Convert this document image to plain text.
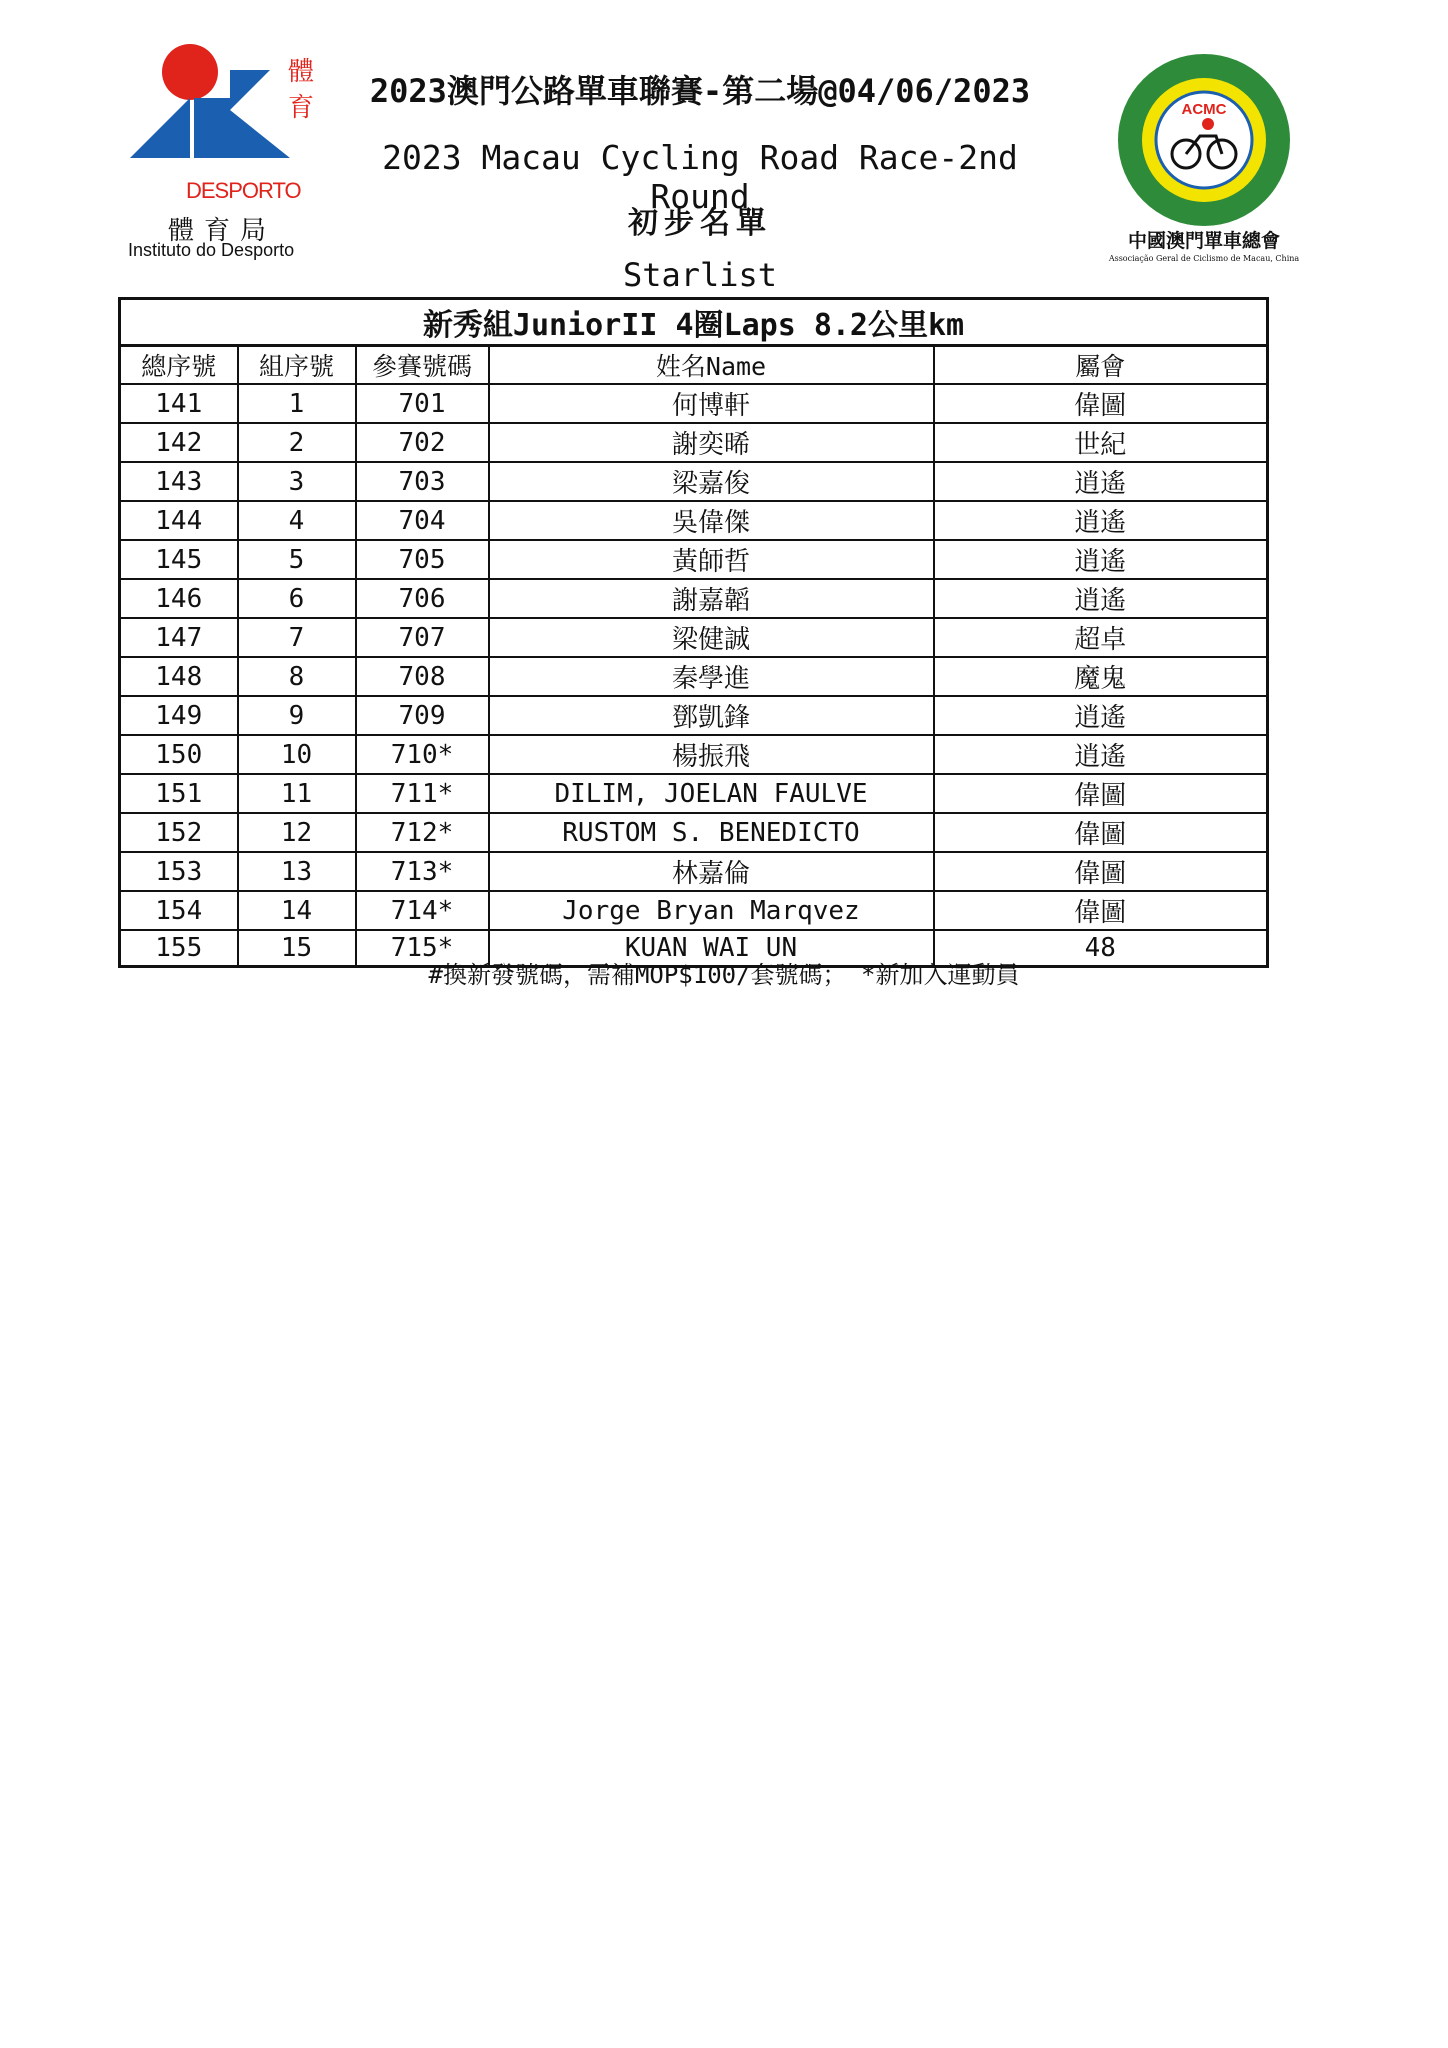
體
育
DESPORTO
體育局
Instituto do Desporto
2023澳門公路單車聯賽-第二場@04/06/2023
2023 Macau Cycling Road Race-2nd Round
初步名單
Starlist
ACMC
中國澳門單車總會
Associação Geral de Ciclismo de Macau, China
新秀組JuniorII 4圈Laps 8.2公里km				
總序號	組序號	參賽號碼	姓名Name	屬會
141	1	701	何博軒	偉圖
142	2	702	謝奕晞	世紀
143	3	703	梁嘉俊	逍遙
144	4	704	吳偉傑	逍遙
145	5	705	黃師哲	逍遙
146	6	706	謝嘉韜	逍遙
147	7	707	梁健誠	超卓
148	8	708	秦學進	魔鬼
149	9	709	鄧凱鋒	逍遙
150	10	710*	楊振飛	逍遙
151	11	711*	DILIM, JOELAN FAULVE	偉圖
152	12	712*	RUSTOM S. BENEDICTO	偉圖
153	13	713*	林嘉倫	偉圖
154	14	714*	Jorge Bryan Marqvez	偉圖
155	15	715*	KUAN WAI UN	48
#換新發號碼，需補MOP$100/套號碼； *新加入運動員
